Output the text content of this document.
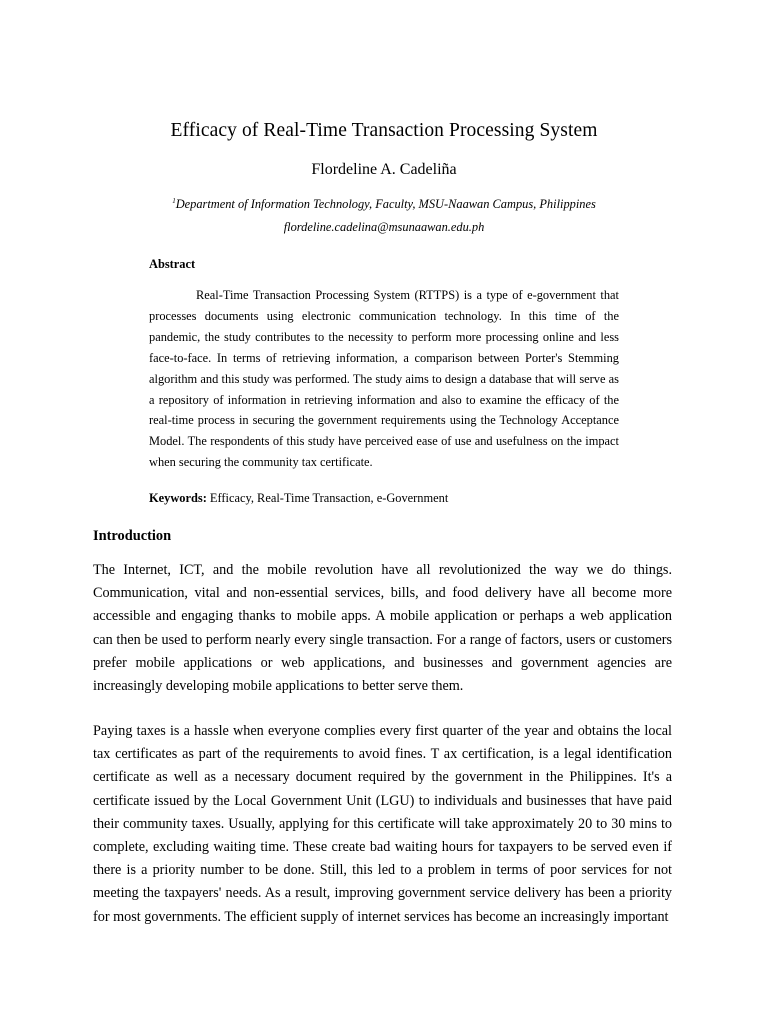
Efficacy of Real-Time Transaction Processing System

Flordeline A. Cadeliña

$^1$Department of Information Technology, Faculty, MSU-Naawan Campus, Philippines

flordeline.cadelina@msunaawan.edu.ph

Abstract

Real-Time Transaction Processing System (RTTPS) is a type of e-government that processes documents using electronic communication technology. In this time of the pandemic, the study contributes to the necessity to perform more processing online and less face-to-face. In terms of retrieving information, a comparison between Porter's Stemming algorithm and this study was performed. The study aims to design a database that will serve as a repository of information in retrieving information and also to examine the efficacy of the real-time process in securing the government requirements using the Technology Acceptance Model. The respondents of this study have perceived ease of use and usefulness on the impact when securing the community tax certificate.

Keywords: Efficacy, Real-Time Transaction, e-Government

Introduction

The Internet, ICT, and the mobile revolution have all revolutionized the way we do things. Communication, vital and non-essential services, bills, and food delivery have all become more accessible and engaging thanks to mobile apps. A mobile application or perhaps a web application can then be used to perform nearly every single transaction. For a range of factors, users or customers prefer mobile applications or web applications, and businesses and government agencies are increasingly developing mobile applications to better serve them.

Paying taxes is a hassle when everyone complies every first quarter of the year and obtains the local tax certificates as part of the requirements to avoid fines. T ax certification, is a legal identification certificate as well as a necessary document required by the government in the Philippines. It's a certificate issued by the Local Government Unit (LGU) to individuals and businesses that have paid their community taxes. Usually, applying for this certificate will take approximately 20 to 30 mins to complete, excluding waiting time. These create bad waiting hours for taxpayers to be served even if there is a priority number to be done. Still, this led to a problem in terms of poor services for not meeting the taxpayers' needs. As a result, improving government service delivery has been a priority for most governments. The efficient supply of internet services has become an increasingly important
